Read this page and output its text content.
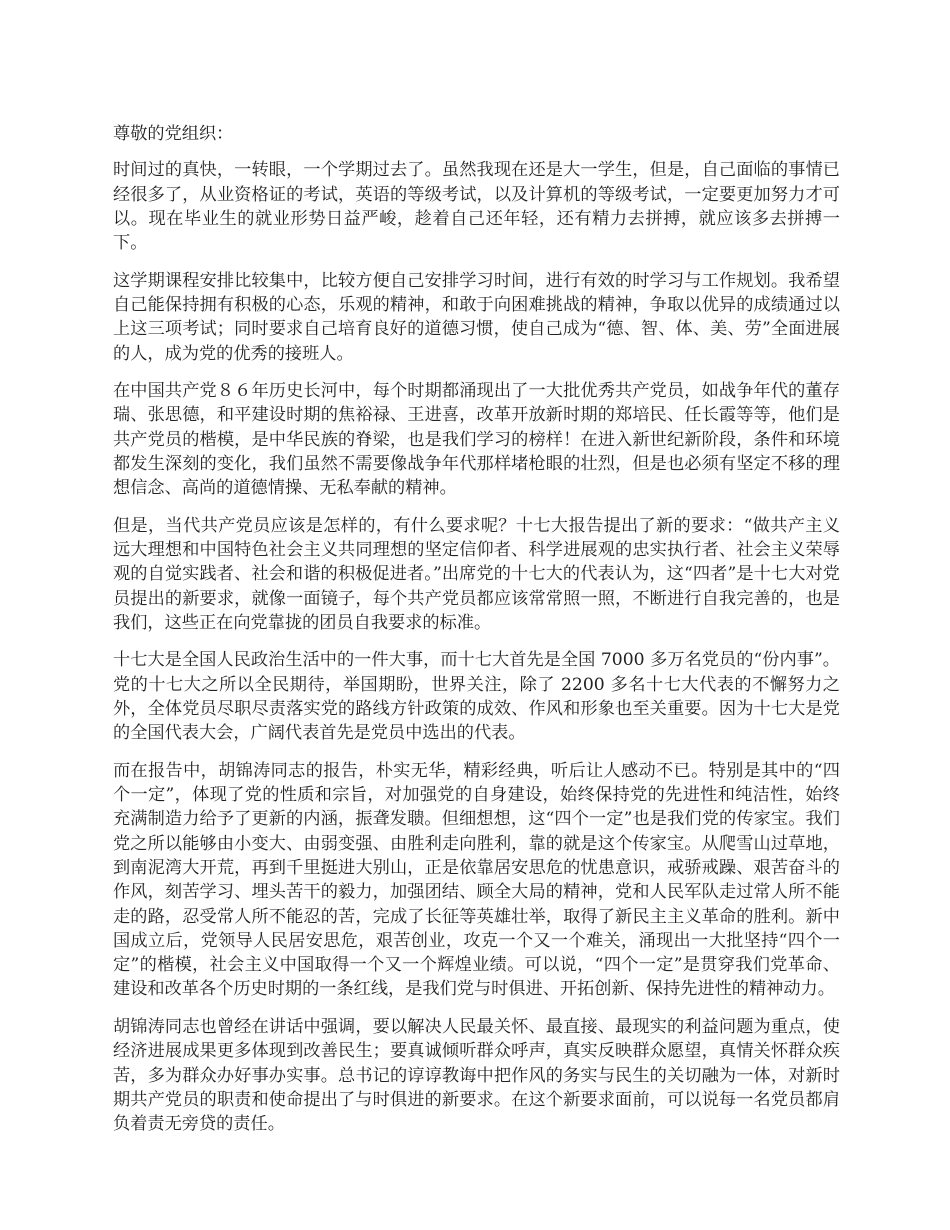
尊敬的党组织：

时间过的真快，一转眼，一个学期过去了。虽然我现在还是大一学生，但是，自己面临的事情已经很多了，从业资格证的考试，英语的等级考试，以及计算机的等级考试，一定要更加努力才可以。现在毕业生的就业形势日益严峻，趁着自己还年轻，还有精力去拼搏，就应该多去拼搏一下。

这学期课程安排比较集中，比较方便自己安排学习时间，进行有效的时学习与工作规划。我希望自己能保持拥有积极的心态，乐观的精神，和敢于向困难挑战的精神，争取以优异的成绩通过以上这三项考试；同时要求自己培育良好的道德习惯，使自己成为“德、智、体、美、劳”全面进展的人，成为党的优秀的接班人。

在中国共产党８６年历史长河中，每个时期都涌现出了一大批优秀共产党员，如战争年代的董存瑞、张思德，和平建设时期的焦裕禄、王进喜，改革开放新时期的郑培民、任长霞等等，他们是共产党员的楷模，是中华民族的脊梁，也是我们学习的榜样！在进入新世纪新阶段，条件和环境都发生深刻的变化，我们虽然不需要像战争年代那样堵枪眼的壮烈，但是也必须有坚定不移的理想信念、高尚的道德情操、无私奉献的精神。

但是，当代共产党员应该是怎样的，有什么要求呢？十七大报告提出了新的要求：“做共产主义远大理想和中国特色社会主义共同理想的坚定信仰者、科学进展观的忠实执行者、社会主义荣辱观的自觉实践者、社会和谐的积极促进者。”出席党的十七大的代表认为，这“四者”是十七大对党员提出的新要求，就像一面镜子，每个共产党员都应该常常照一照，不断进行自我完善的，也是我们，这些正在向党靠拢的团员自我要求的标准。

十七大是全国人民政治生活中的一件大事，而十七大首先是全国 7000 多万名党员的“份内事”。党的十七大之所以全民期待，举国期盼，世界关注，除了 2200 多名十七大代表的不懈努力之外，全体党员尽职尽责落实党的路线方针政策的成效、作风和形象也至关重要。因为十七大是党的全国代表大会，广阔代表首先是党员中选出的代表。

而在报告中，胡锦涛同志的报告，朴实无华，精彩经典，听后让人感动不已。特别是其中的“四个一定”，体现了党的性质和宗旨，对加强党的自身建设，始终保持党的先进性和纯洁性，始终充满制造力给予了更新的内涵，振聋发聩。但细想想，这“四个一定”也是我们党的传家宝。我们党之所以能够由小变大、由弱变强、由胜利走向胜利，靠的就是这个传家宝。从爬雪山过草地，到南泥湾大开荒，再到千里挺进大别山，正是依靠居安思危的忧患意识，戒骄戒躁、艰苦奋斗的作风，刻苦学习、埋头苦干的毅力，加强团结、顾全大局的精神，党和人民军队走过常人所不能走的路，忍受常人所不能忍的苦，完成了长征等英雄壮举，取得了新民主主义革命的胜利。新中国成立后，党领导人民居安思危，艰苦创业，攻克一个又一个难关，涌现出一大批坚持“四个一定”的楷模，社会主义中国取得一个又一个辉煌业绩。可以说，“四个一定”是贯穿我们党革命、建设和改革各个历史时期的一条红线，是我们党与时俱进、开拓创新、保持先进性的精神动力。

胡锦涛同志也曾经在讲话中强调，要以解决人民最关怀、最直接、最现实的利益问题为重点，使经济进展成果更多体现到改善民生；要真诚倾听群众呼声，真实反映群众愿望，真情关怀群众疾苦，多为群众办好事办实事。总书记的谆谆教诲中把作风的务实与民生的关切融为一体，对新时期共产党员的职责和使命提出了与时俱进的新要求。在这个新要求面前，可以说每一名党员都肩负着责无旁贷的责任。
